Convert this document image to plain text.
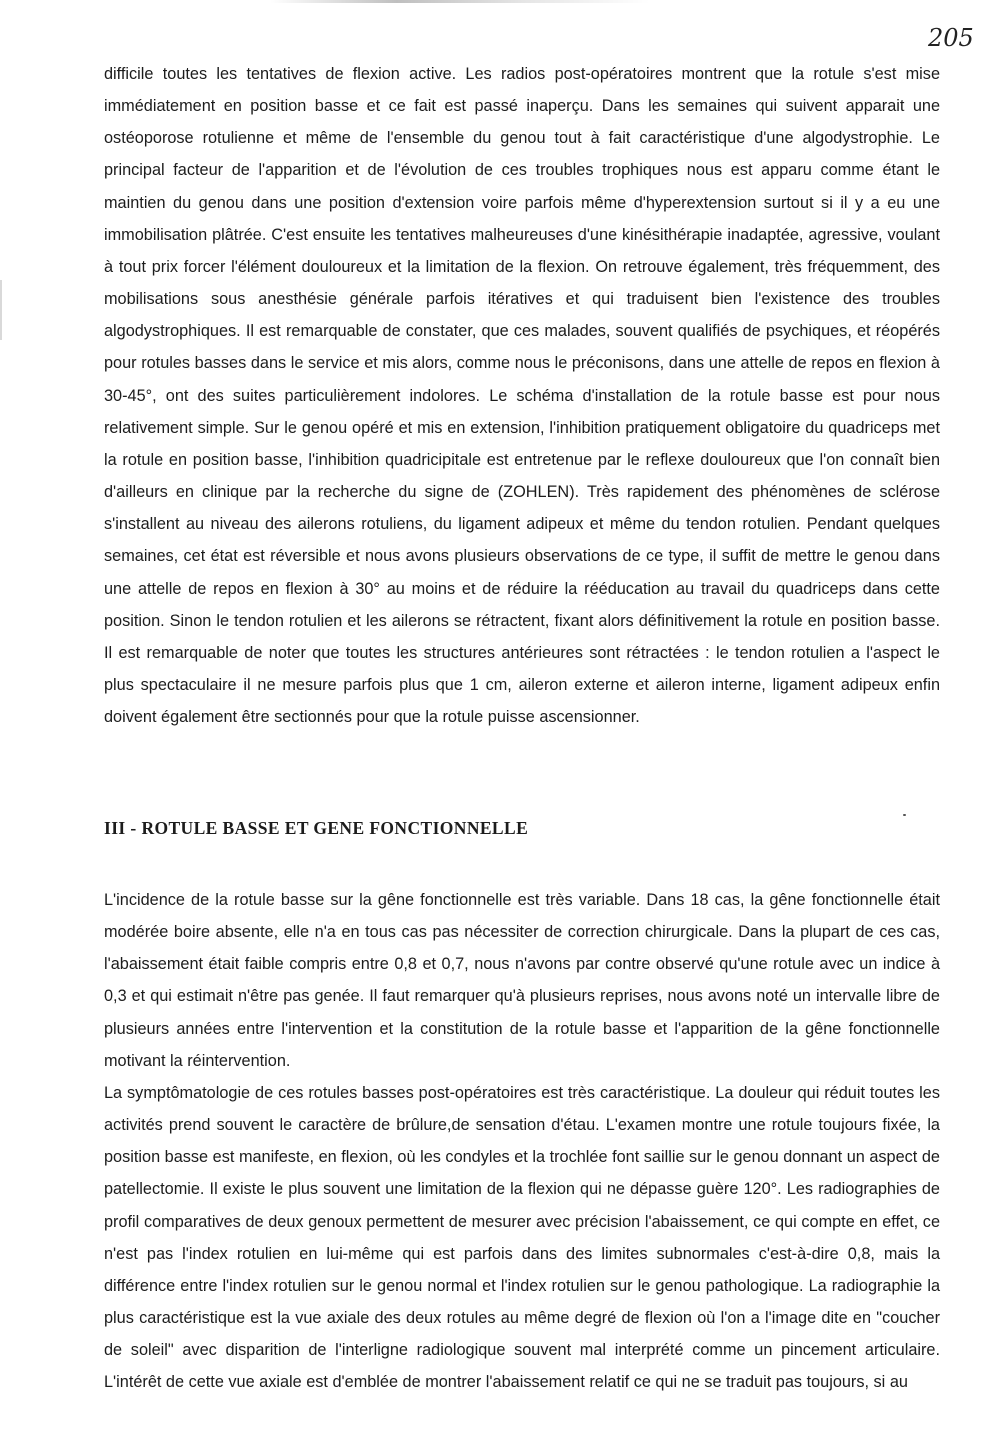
205
difficile toutes les tentatives de flexion active. Les radios post-opératoires montrent que la rotule s'est mise immédiatement en position basse et ce fait est passé inaperçu. Dans les semaines qui suivent apparait une ostéoporose rotulienne et même de l'ensemble du genou tout à fait caractéristique d'une algodystrophie. Le principal facteur de l'apparition et de l'évolution de ces troubles trophiques nous est apparu comme étant le maintien du genou dans une position d'extension voire parfois même d'hyperextension surtout si il y a eu une immobilisation plâtrée. C'est ensuite les tentatives malheureuses d'une kinésithérapie inadaptée, agressive, voulant à tout prix forcer l'élément douloureux et la limitation de la flexion. On retrouve également, très fréquemment, des mobilisations sous anesthésie générale parfois itératives et qui traduisent bien l'existence des troubles algodystrophiques. Il est remarquable de constater, que ces malades, souvent qualifiés de psychiques, et réopérés pour rotules basses dans le service et mis alors, comme nous le préconisons, dans une attelle de repos en flexion à 30-45°, ont des suites particulièrement indolores. Le schéma d'installation de la rotule basse est pour nous relativement simple. Sur le genou opéré et mis en extension, l'inhibition pratiquement obligatoire du quadriceps met la rotule en position basse, l'inhibition quadricipitale est entretenue par le reflexe douloureux que l'on connaît bien d'ailleurs en clinique par la recherche du signe de (ZOHLEN). Très rapidement des phénomènes de sclérose s'installent au niveau des ailerons rotuliens, du ligament adipeux et même du tendon rotulien. Pendant quelques semaines, cet état est réversible et nous avons plusieurs observations de ce type, il suffit de mettre le genou dans une attelle de repos en flexion à 30° au moins et de réduire la rééducation au travail du quadriceps dans cette position. Sinon le tendon rotulien et les ailerons se rétractent, fixant alors définitivement la rotule en position basse. Il est remarquable de noter que toutes les structures antérieures sont rétractées : le tendon rotulien a l'aspect le plus spectaculaire il ne mesure parfois plus que 1 cm, aileron externe et aileron interne, ligament adipeux enfin doivent également être sectionnés pour que la rotule puisse ascensionner.
III - ROTULE BASSE ET GENE FONCTIONNELLE

L'incidence de la rotule basse sur la gêne fonctionnelle est très variable. Dans 18 cas, la gêne fonctionnelle était modérée boire absente, elle n'a en tous cas pas nécessiter de correction chirurgicale. Dans la plupart de ces cas, l'abaissement était faible compris entre 0,8 et 0,7, nous n'avons par contre observé qu'une rotule avec un indice à 0,3 et qui estimait n'être pas genée. Il faut remarquer qu'à plusieurs reprises, nous avons noté un intervalle libre de plusieurs années entre l'intervention et la constitution de la rotule basse et l'apparition de la gêne fonctionnelle motivant la réintervention.

La symptômatologie de ces rotules basses post-opératoires est très caractéristique. La douleur qui réduit toutes les activités prend souvent le caractère de brûlure,de sensation d'étau. L'examen montre une rotule toujours fixée, la position basse est manifeste, en flexion, où les condyles et la trochlée font saillie sur le genou donnant un aspect de patellectomie. Il existe le plus souvent une limitation de la flexion qui ne dépasse guère 120°. Les radiographies de profil comparatives de deux genoux permettent de mesurer avec précision l'abaissement, ce qui compte en effet, ce n'est pas l'index rotulien en lui-même qui est parfois dans des limites subnormales c'est-à-dire 0,8, mais la différence entre l'index rotulien sur le genou normal et l'index rotulien sur le genou pathologique. La radiographie la plus caractéristique est la vue axiale des deux rotules au même degré de flexion où l'on a l'image dite en "coucher de soleil" avec disparition de l'interligne radiologique souvent mal interprété comme un pincement articulaire. L'intérêt de cette vue axiale est d'emblée de montrer l'abaissement relatif ce qui ne se traduit pas toujours, si au
